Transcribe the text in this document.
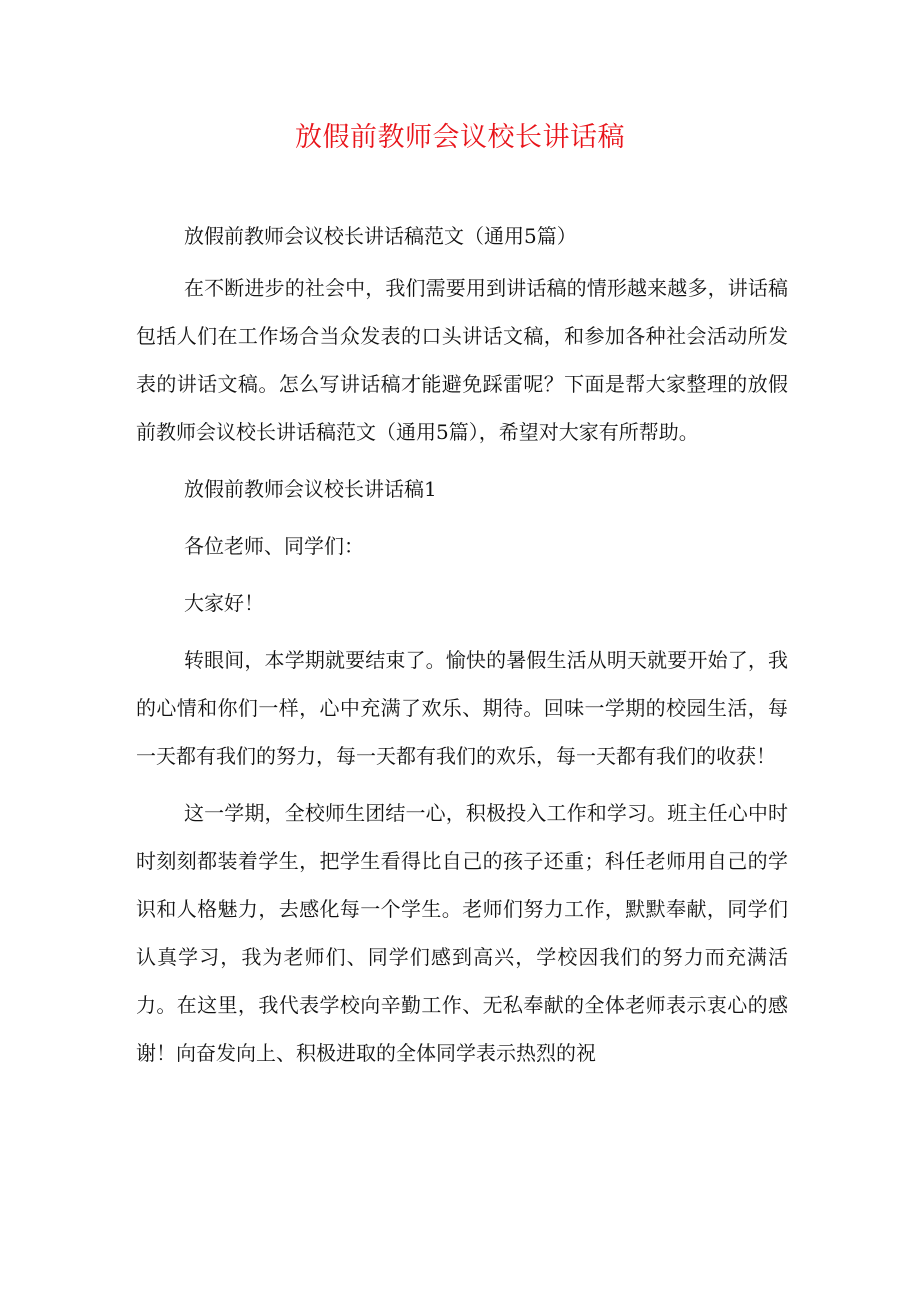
放假前教师会议校长讲话稿

放假前教师会议校长讲话稿范文（通用5篇）

在不断进步的社会中，我们需要用到讲话稿的情形越来越多，讲话稿包括人们在工作场合当众发表的口头讲话文稿，和参加各种社会活动所发表的讲话文稿。怎么写讲话稿才能避免踩雷呢？下面是帮大家整理的放假前教师会议校长讲话稿范文（通用5篇），希望对大家有所帮助。

放假前教师会议校长讲话稿1

各位老师、同学们：

大家好！

转眼间，本学期就要结束了。愉快的暑假生活从明天就要开始了，我的心情和你们一样，心中充满了欢乐、期待。回味一学期的校园生活，每一天都有我们的努力，每一天都有我们的欢乐，每一天都有我们的收获！

这一学期，全校师生团结一心，积极投入工作和学习。班主任心中时时刻刻都装着学生，把学生看得比自己的孩子还重；科任老师用自己的学识和人格魅力，去感化每一个学生。老师们努力工作，默默奉献，同学们认真学习，我为老师们、同学们感到高兴，学校因我们的努力而充满活力。在这里，我代表学校向辛勤工作、无私奉献的全体老师表示衷心的感谢！向奋发向上、积极进取的全体同学表示热烈的祝
